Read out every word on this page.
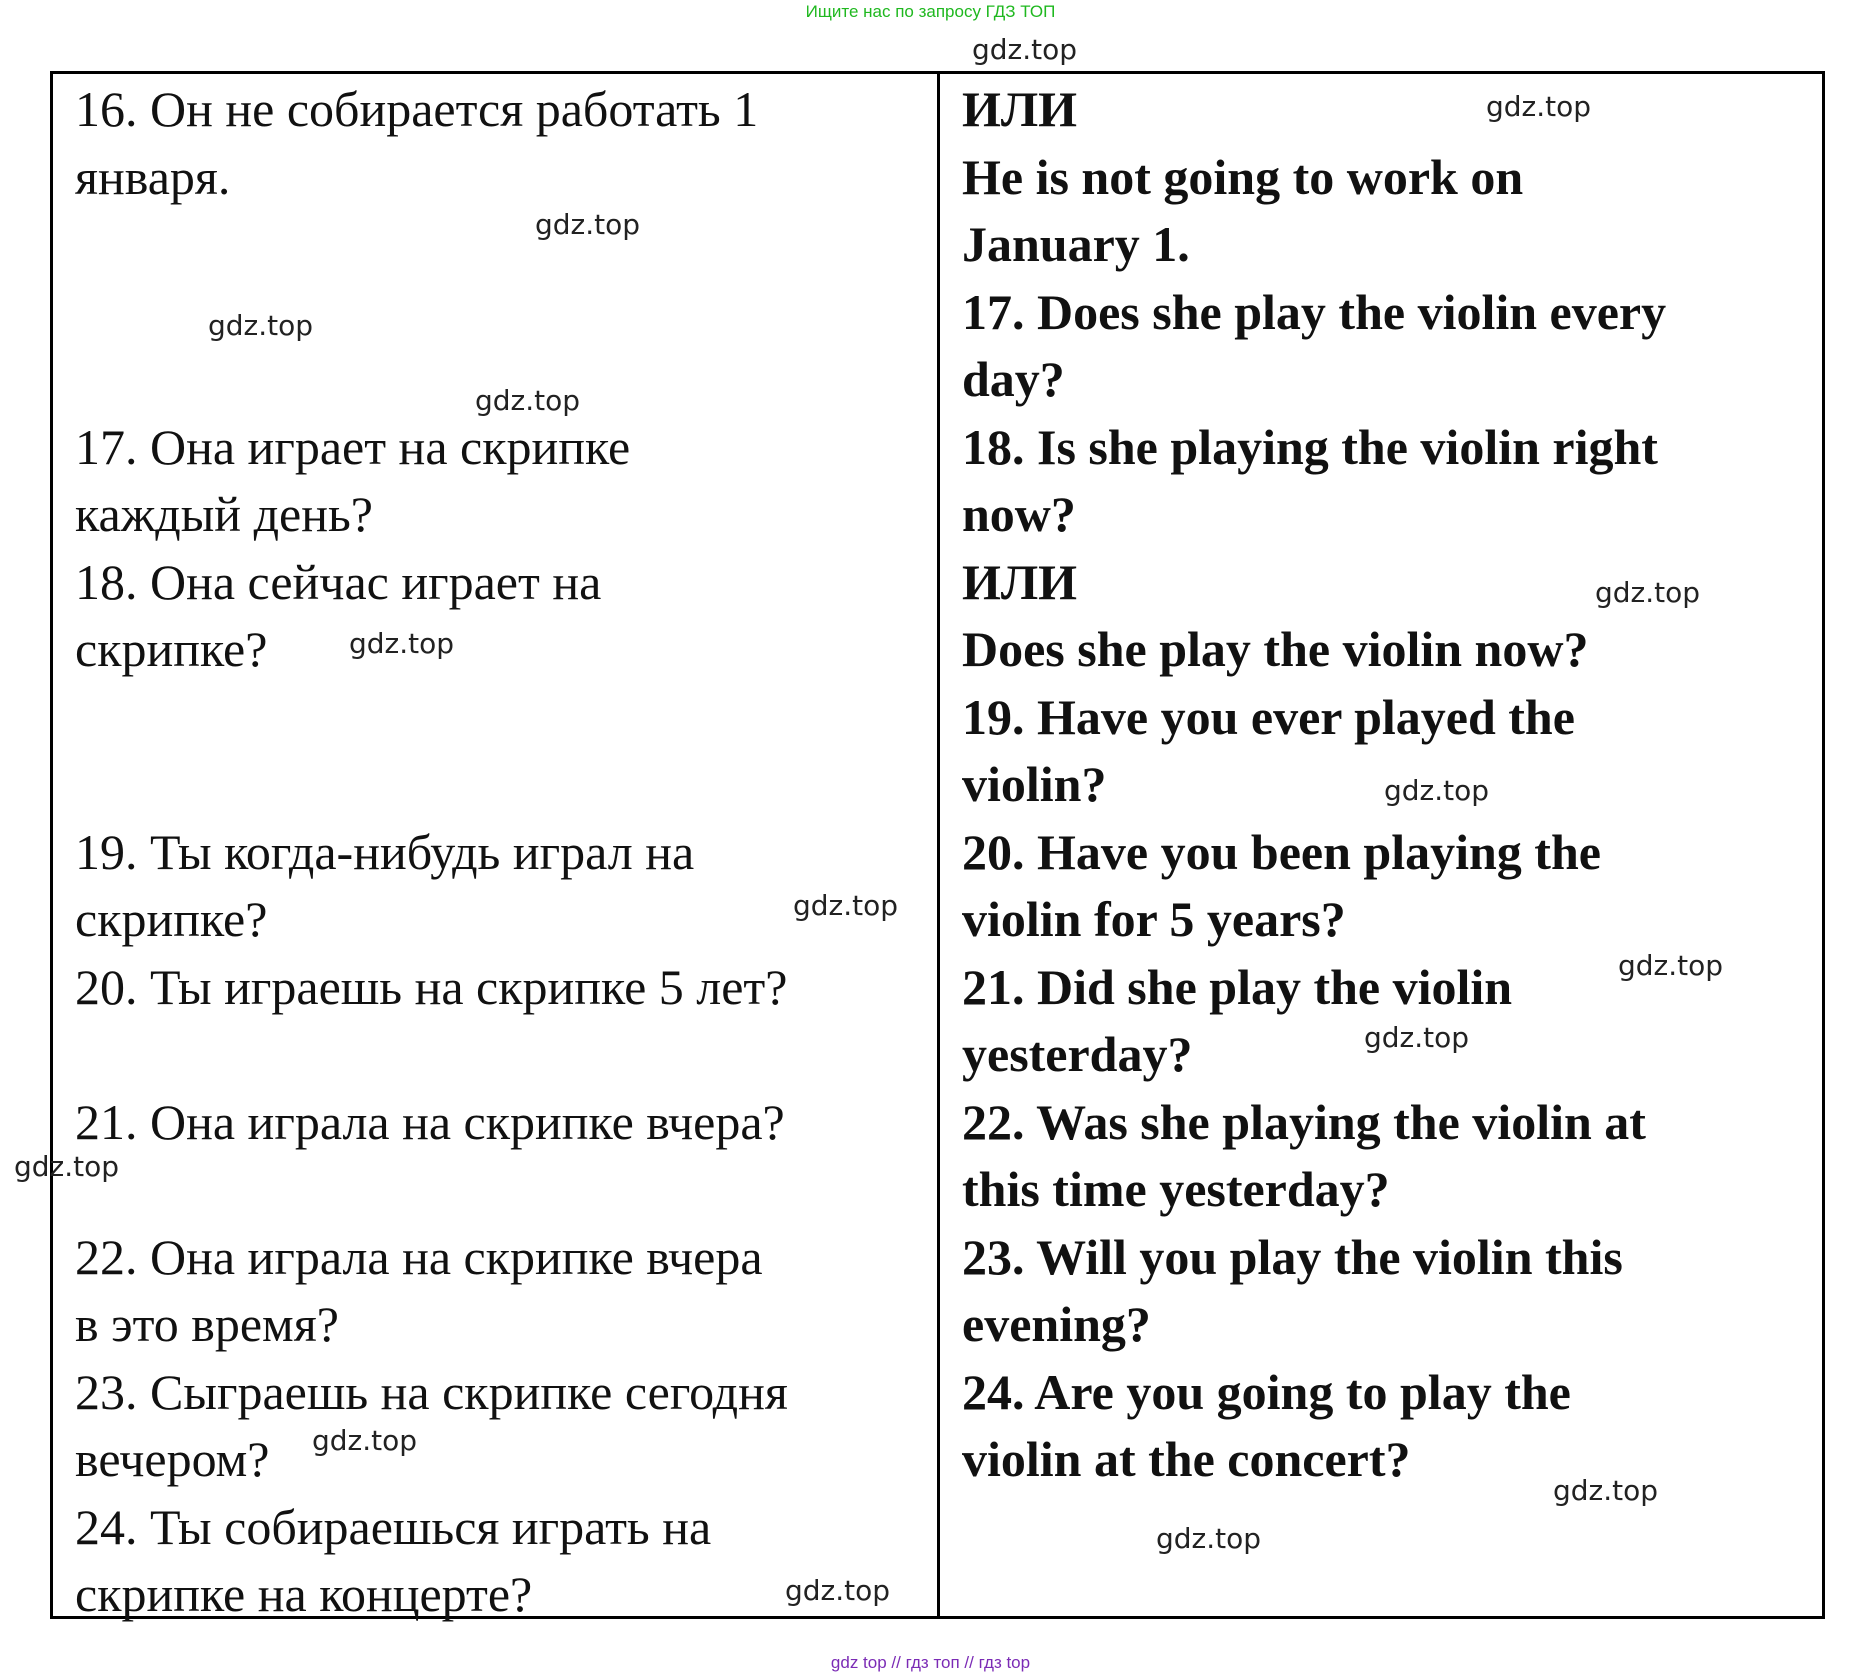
Ищите нас по запросу ГДЗ ТОП
16. Он не собирается работать 1
января.
17. Она играет на скрипке
каждый день?
18. Она сейчас играет на
скрипке?
19. Ты когда-нибудь играл на
скрипке?
20. Ты играешь на скрипке 5 лет?
21. Она играла на скрипке вчера?
22. Она играла на скрипке вчера
в это время?
23. Сыграешь на скрипке сегодня
вечером?
24. Ты собираешься играть на
скрипке на концерте?
ИЛИ
He is not going to work on
January 1.
17. Does she play the violin every
day?
18. Is she playing the violin right
now?
ИЛИ
Does she play the violin now?
19. Have you ever played the
violin?
20. Have you been playing the
violin for 5 years?
21. Did she play the violin
yesterday?
22. Was she playing the violin at
this time yesterday?
23. Will you play the violin this
evening?
24. Are you going to play the
violin at the concert?
gdz.top
gdz.top
gdz.top
gdz.top
gdz.top
gdz.top
gdz.top
gdz.top
gdz.top
gdz.top
gdz.top
gdz.top
gdz.top
gdz.top
gdz.top
gdz.top
gdz top // гдз топ // гдз top
